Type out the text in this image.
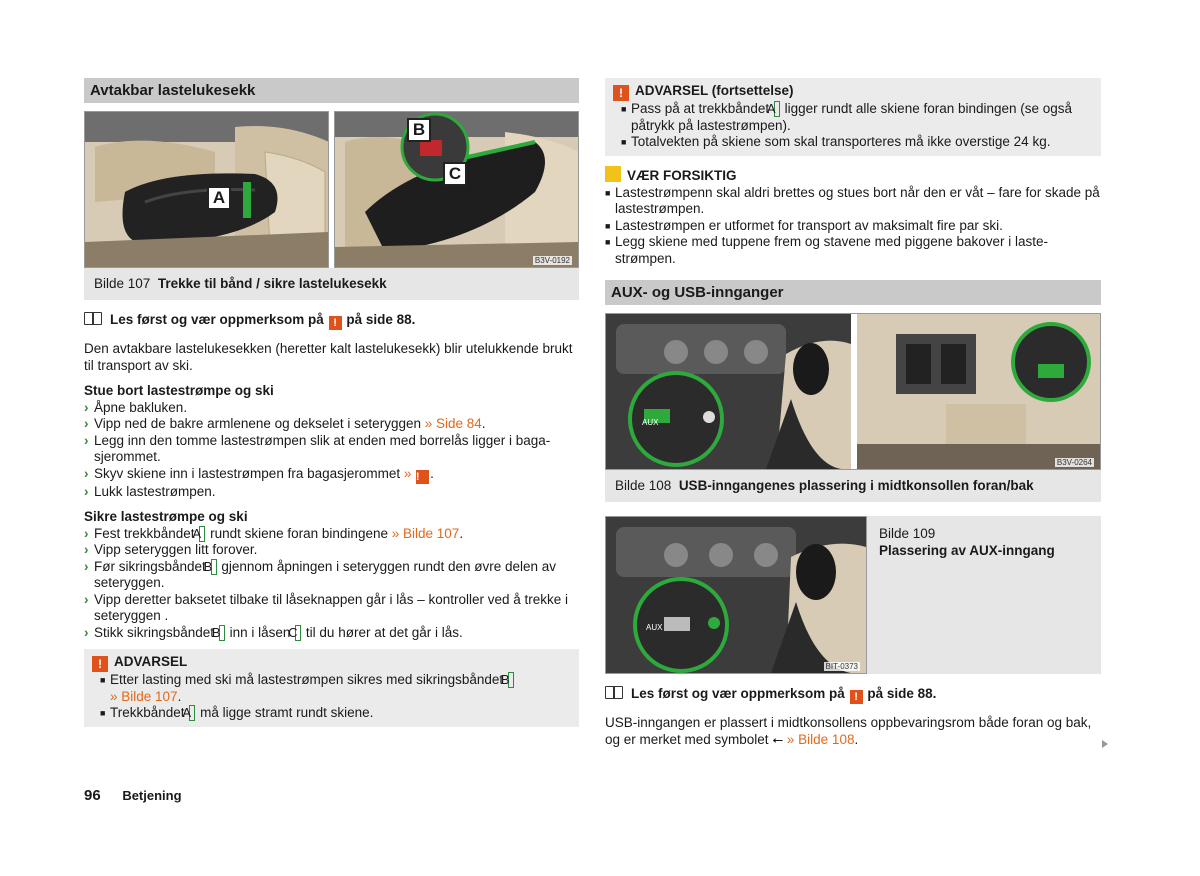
Avtakbar lastelukesekk
A
B
C
B3V-0192
Bilde 107 Trekke til bånd / sikre lastelukesekk

Les først og vær oppmerksom på ! på side 88.

Den avtakbare lastelukesekken (heretter kalt lastelukesekk) blir utelukkende brukt til transport av ski.

Stue bort lastestrømpe og ski

› Åpne bakluken.
› Vipp ned de bakre armlenene og dekselet i seteryggen » Side 84.
› Legg inn den tomme lastestrømpen slik at enden med borrelås ligger i bagasjerommet.
› Skyv skiene inn i lastestrømpen fra bagasjerommet » ! .
› Lukk lastestrømpen.

Sikre lastestrømpe og ski

› Fest trekkbåndet A rundt skiene foran bindingene » Bilde 107.
› Vipp seteryggen litt forover.
› Før sikringsbåndet B gjennom åpningen i seteryggen rundt den øvre delen av seteryggen.
› Vipp deretter baksetet tilbake til låseknappen går i lås – kontroller ved å trekke i seteryggen .
› Stikk sikringsbåndet B inn i låsen C til du hører at det går i lås.
! ADVARSEL
■ Etter lasting med ski må lastestrømpen sikres med sikringsbåndet B
» Bilde 107.
■ Trekkbåndet A må ligge stramt rundt skiene.
! ADVARSEL (fortsettelse)
■ Pass på at trekkbåndet A ligger rundt alle skiene foran bindingen (se også påtrykk på lastestrømpen).
■ Totalvekten på skiene som skal transporteres må ikke overstige 24 kg.
VÆR FORSIKTIG
■ Lastestrømpenn skal aldri brettes og stues bort når den er våt – fare for skade på lastestrømpen.
■ Lastestrømpen er utformet for transport av maksimalt fire par ski.
■ Legg skiene med tuppene frem og stavene med piggene bakover i lastestrømpen.
AUX- og USB-innganger
AUX
B3V-0264
Bilde 108 USB-inngangenes plassering i midtkonsollen foran/bak
AUX
BIT-0373
Bilde 109
Plassering av AUX-inngang

Les først og vær oppmerksom på ! på side 88.

USB-inngangen er plassert i midtkonsollens oppbevaringsrom både foran og bak, og er merket med symbolet ⭠ » Bilde 108.

96 Betjening
